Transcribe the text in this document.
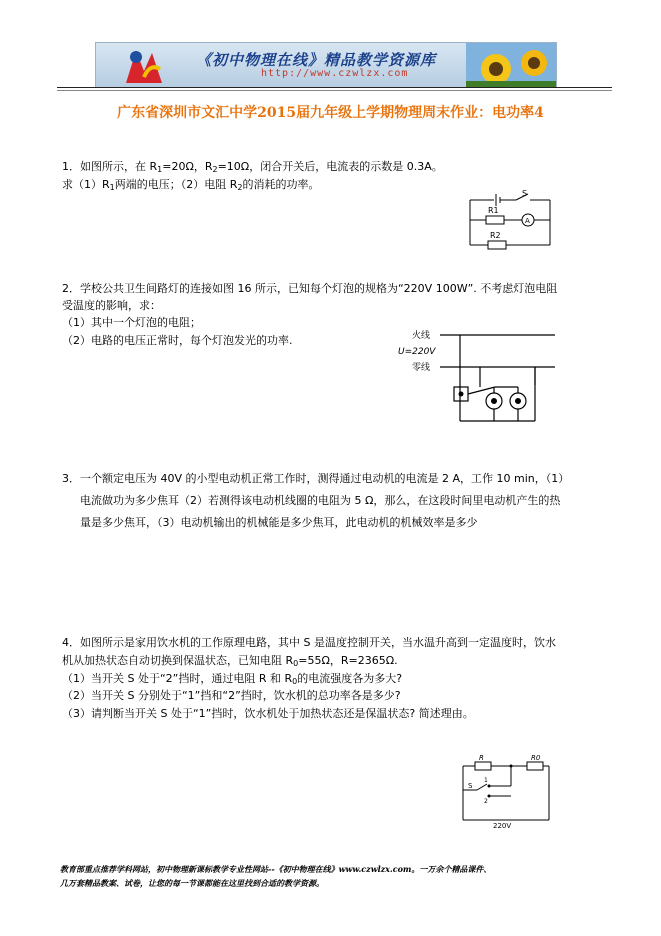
《初中物理在线》精品教学资源库
http://www.czwlzx.com
广东省深圳市文汇中学2015届九年级上学期物理周末作业：电功率4
1．如图所示，在 $R_1=20\Omega$，$R_2=10\Omega$，闭合开关后，电流表的示数是 0.3A。
求$(1)R_1$两端的电压；（2）电阻 $R_2$的消耗的功率。
S
R1
A
R2
2．学校公共卫生间路灯的连接如图 16 所示，已知每个灯泡的规格为“220V 100W”. 不考虑灯泡电阻
受温度的影响，求：
（1）其中一个灯泡的电阻；
（2）电路的电压正常时，每个灯泡发光的功率.	火线
U=220V
零线
3．一个额定电压为 40V 的小型电动机正常工作时，测得通过电动机的电流是 2 A，工作 10 min，（1）
电流做功为多少焦耳（2）若测得该电动机线圈的电阻为 5 Ω，那么，在这段时间里电动机产生的热
量是多少焦耳，（3）电动机输出的机械能是多少焦耳，此电动机的机械效率是多少
4．如图所示是家用饮水机的工作原理电路，其中 S 是温度控制开关，当水温升高到一定温度时，饮水
机从加热状态自动切换到保温状态，已知电阻 $R_0=55\Omega$，R=2365Ω.
（1）当开关 S 处于“2”挡时，通过电阻 R 和 $R_0$的电流强度各为多大?
（2）当开关 S 分别处于“1”挡和“2”挡时，饮水机的总功率各是多少?
（3）请判断当开关 S 处于“1”挡时，饮水机处于加热状态还是保温状态? 简述理由。
R	R0
S
1
2
220V
教育部重点推荐学科网站，初中物理新课标教学专业性网站--《初中物理在线》www.czwlzx.com。一万余个精品课件、
几万套精品教案、试卷，让您的每一节课都能在这里找到合适的教学资源。
